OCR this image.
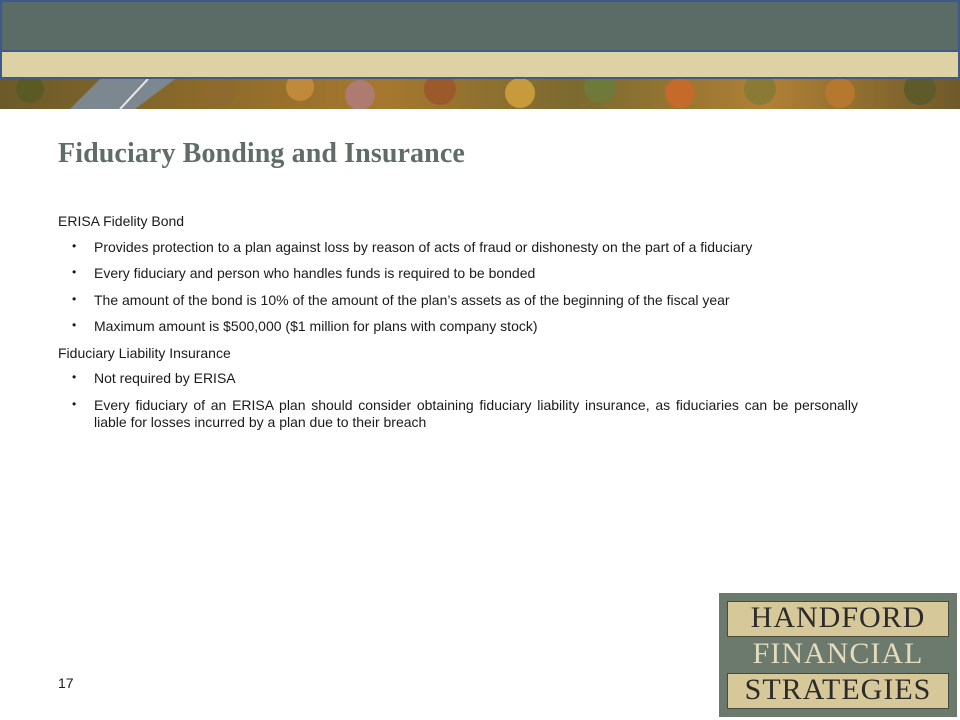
Fiduciary Bonding and Insurance

ERISA Fidelity Bond

• Provides protection to a plan against loss by reason of acts of fraud or dishonesty on the part of a fiduciary
• Every fiduciary and person who handles funds is required to be bonded
• The amount of the bond is 10% of the amount of the plan’s assets as of the beginning of the fiscal year
• Maximum amount is $500,000 ($1 million for plans with company stock)

Fiduciary Liability Insurance

• Not required by ERISA
• Every fiduciary of an ERISA plan should consider obtaining fiduciary liability insurance, as fiduciaries can be personally liable for losses incurred by a plan due to their breach
17
HANDFORD
FINANCIAL
STRATEGIES
